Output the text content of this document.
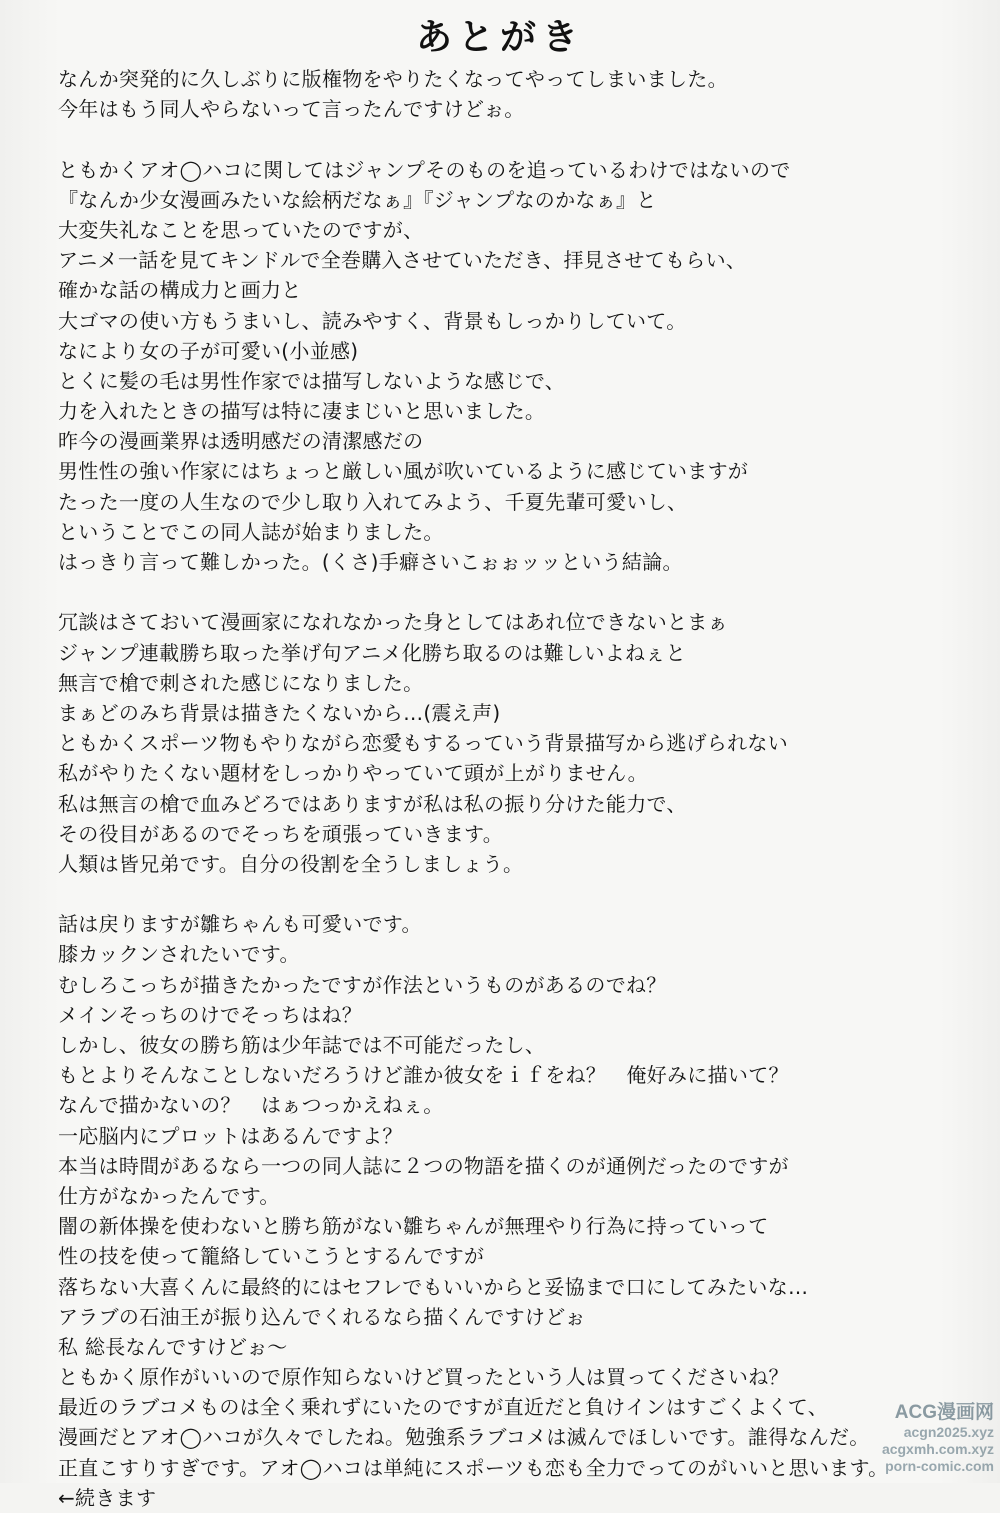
あとがき
なんか突発的に久しぶりに版権物をやりたくなってやってしまいました。
今年はもう同人やらないって言ったんですけどぉ。
ともかくアオ◯ハコに関してはジャンプそのものを追っているわけではないので
『なんか少女漫画みたいな絵柄だなぁ』『ジャンプなのかなぁ』と
大変失礼なことを思っていたのですが、
アニメ一話を見てキンドルで全巻購入させていただき、拝見させてもらい、
確かな話の構成力と画力と
大ゴマの使い方もうまいし、読みやすく、背景もしっかりしていて。
なにより女の子が可愛い(小並感)
とくに髪の毛は男性作家では描写しないような感じで、
力を入れたときの描写は特に凄まじいと思いました。
昨今の漫画業界は透明感だの清潔感だの
男性性の強い作家にはちょっと厳しい風が吹いているように感じていますが
たった一度の人生なので少し取り入れてみよう、千夏先輩可愛いし、
ということでこの同人誌が始まりました。
はっきり言って難しかった。(くさ)手癖さいこぉぉッッという結論。
冗談はさておいて漫画家になれなかった身としてはあれ位できないとまぁ
ジャンプ連載勝ち取った挙げ句アニメ化勝ち取るのは難しいよねぇと
無言で槍で刺された感じになりました。
まぁどのみち背景は描きたくないから…(震え声)
ともかくスポーツ物もやりながら恋愛もするっていう背景描写から逃げられない
私がやりたくない題材をしっかりやっていて頭が上がりません。
私は無言の槍で血みどろではありますが私は私の振り分けた能力で、
その役目があるのでそっちを頑張っていきます。
人類は皆兄弟です。自分の役割を全うしましょう。
話は戻りますが雛ちゃんも可愛いです。
膝カックンされたいです。
むしろこっちが描きたかったですが作法というものがあるのでね？
メインそっちのけでそっちはね？
しかし、彼女の勝ち筋は少年誌では不可能だったし、
もとよりそんなことしないだろうけど誰か彼女をｉｆをね？　俺好みに描いて？
なんで描かないの？　はぁつっかえねぇ。
一応脳内にプロットはあるんですよ？
本当は時間があるなら一つの同人誌に２つの物語を描くのが通例だったのですが
仕方がなかったんです。
闇の新体操を使わないと勝ち筋がない雛ちゃんが無理やり行為に持っていって
性の技を使って籠絡していこうとするんですが
落ちない大喜くんに最終的にはセフレでもいいからと妥協まで口にしてみたいな…
アラブの石油王が振り込んでくれるなら描くんですけどぉ
私 総長なんですけどぉ～
ともかく原作がいいので原作知らないけど買ったという人は買ってくださいね？
最近のラブコメものは全く乗れずにいたのですが直近だと負けインはすごくよくて、
漫画だとアオ◯ハコが久々でしたね。勉強系ラブコメは滅んでほしいです。誰得なんだ。
正直こすりすぎです。アオ◯ハコは単純にスポーツも恋も全力でってのがいいと思います。
←続きます
ACG漫画网
acgn2025.xyz
acgxmh.com.xyz
porn-comic.com
